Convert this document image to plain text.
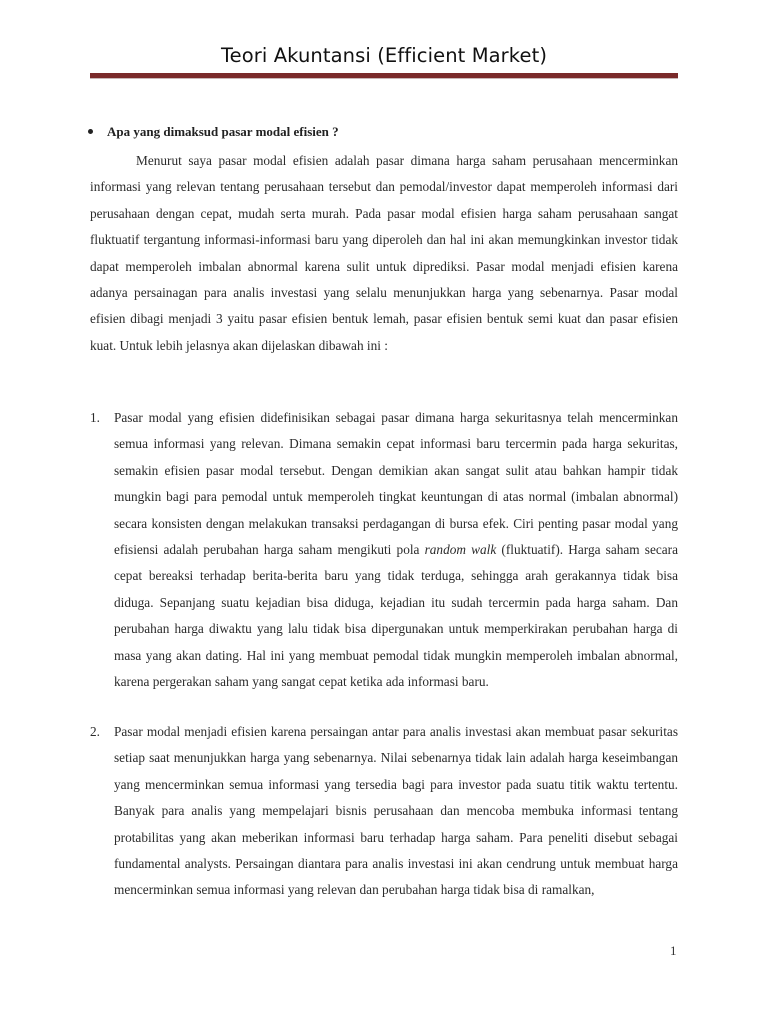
Teori Akuntansi (Efficient Market)
Apa yang dimaksud pasar modal efisien ?

Menurut saya pasar modal efisien adalah pasar dimana harga saham perusahaan mencerminkan informasi yang relevan tentang perusahaan tersebut dan pemodal/investor dapat memperoleh informasi dari perusahaan dengan cepat, mudah serta murah. Pada pasar modal efisien harga saham perusahaan sangat fluktuatif tergantung informasi-informasi baru yang diperoleh dan hal ini akan memungkinkan investor tidak dapat memperoleh imbalan abnormal karena sulit untuk diprediksi. Pasar modal menjadi efisien karena adanya persainagan para analis investasi yang selalu menunjukkan harga yang sebenarnya. Pasar modal efisien dibagi menjadi 3 yaitu pasar efisien bentuk lemah, pasar efisien bentuk semi kuat dan pasar efisien kuat. Untuk lebih jelasnya akan dijelaskan dibawah ini :

1. Pasar modal yang efisien didefinisikan sebagai pasar dimana harga sekuritasnya telah mencerminkan semua informasi yang relevan. Dimana semakin cepat informasi baru tercermin pada harga sekuritas, semakin efisien pasar modal tersebut. Dengan demikian akan sangat sulit atau bahkan hampir tidak mungkin bagi para pemodal untuk memperoleh tingkat keuntungan di atas normal (imbalan abnormal) secara konsisten dengan melakukan transaksi perdagangan di bursa efek. Ciri penting pasar modal yang efisiensi adalah perubahan harga saham mengikuti pola random walk (fluktuatif). Harga saham secara cepat bereaksi terhadap berita-berita baru yang tidak terduga, sehingga arah gerakannya tidak bisa diduga. Sepanjang suatu kejadian bisa diduga, kejadian itu sudah tercermin pada harga saham. Dan perubahan harga diwaktu yang lalu tidak bisa dipergunakan untuk memperkirakan perubahan harga di masa yang akan dating. Hal ini yang membuat pemodal tidak mungkin memperoleh imbalan abnormal, karena pergerakan saham yang sangat cepat ketika ada informasi baru.

2. Pasar modal menjadi efisien karena persaingan antar para analis investasi akan membuat pasar sekuritas setiap saat menunjukkan harga yang sebenarnya. Nilai sebenarnya tidak lain adalah harga keseimbangan yang mencerminkan semua informasi yang tersedia bagi para investor pada suatu titik waktu tertentu. Banyak para analis yang mempelajari bisnis perusahaan dan mencoba membuka informasi tentang protabilitas yang akan meberikan informasi baru terhadap harga saham. Para peneliti disebut sebagai fundamental analysts. Persaingan diantara para analis investasi ini akan cendrung untuk membuat harga mencerminkan semua informasi yang relevan dan perubahan harga tidak bisa di ramalkan,

1
